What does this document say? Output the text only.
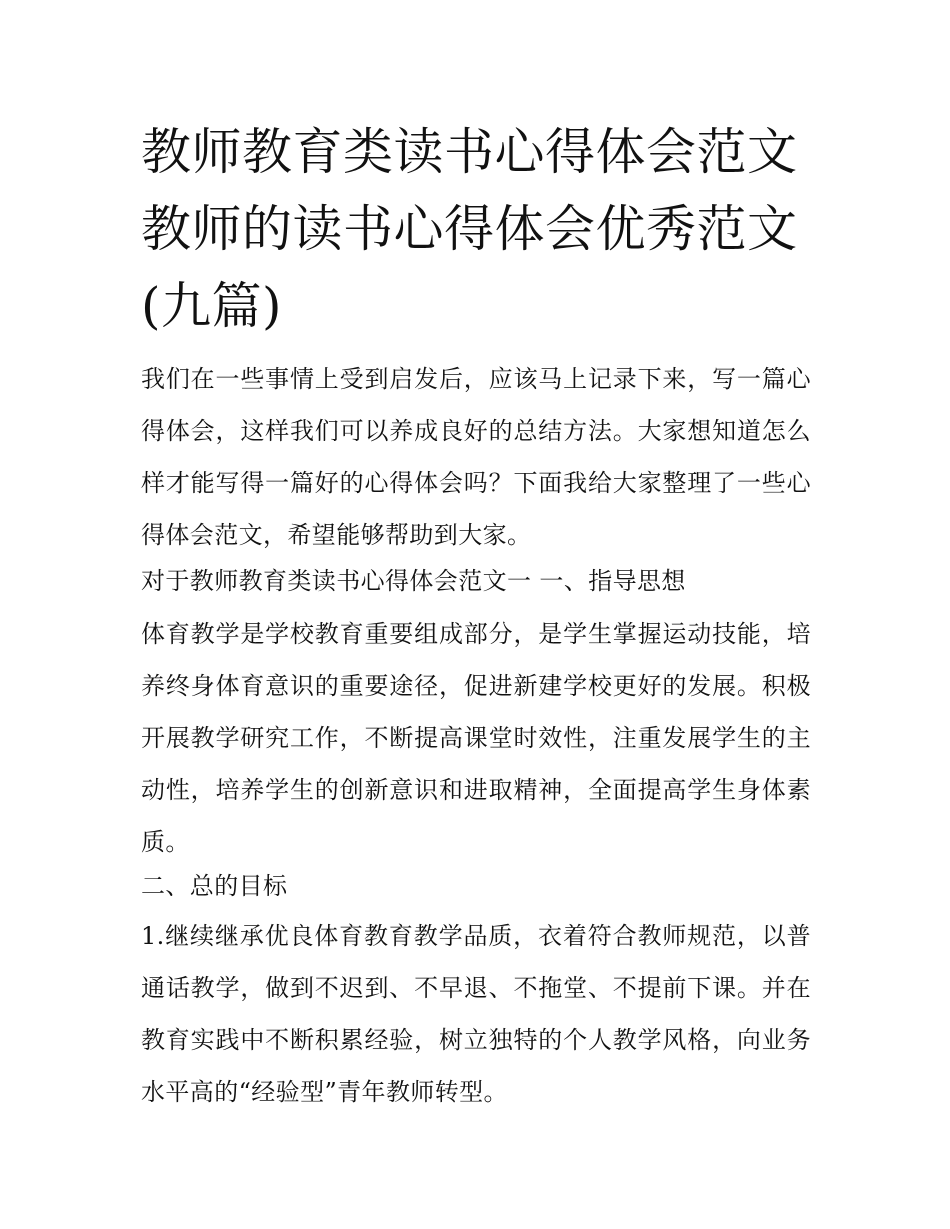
教师教育类读书心得体会范文
教师的读书心得体会优秀范文
(九篇)

我们在一些事情上受到启发后，应该马上记录下来，写一篇心得体会，这样我们可以养成良好的总结方法。大家想知道怎么样才能写得一篇好的心得体会吗？下面我给大家整理了一些心得体会范文，希望能够帮助到大家。

对于教师教育类读书心得体会范文一 一、指导思想

体育教学是学校教育重要组成部分，是学生掌握运动技能，培养终身体育意识的重要途径，促进新建学校更好的发展。积极开展教学研究工作，不断提高课堂时效性，注重发展学生的主动性，培养学生的创新意识和进取精神，全面提高学生身体素质。

二、总的目标

1.继续继承优良体育教育教学品质，衣着符合教师规范，以普通话教学，做到不迟到、不早退、不拖堂、不提前下课。并在教育实践中不断积累经验，树立独特的个人教学风格，向业务水平高的“经验型”青年教师转型。
